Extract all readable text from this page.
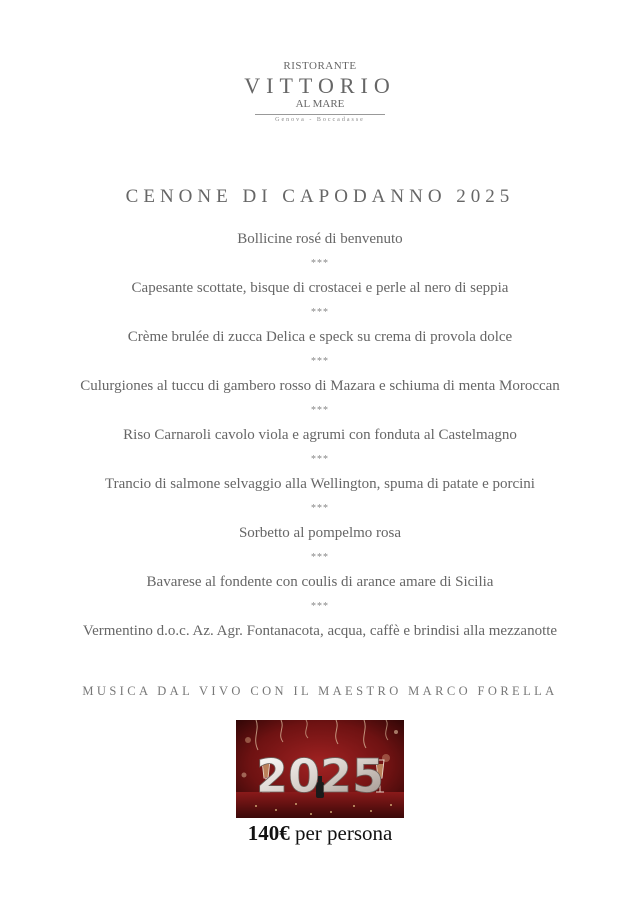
RISTORANTE
VITTORIO
AL MARE
Genova - Boccadasse
CENONE DI CAPODANNO 2025
Bollicine rosé di benvenuto
***
Capesante scottate, bisque di crostacei e perle al nero di seppia
***
Crème brulée di zucca Delica e speck su crema di provola dolce
***
Culurgiones al tuccu di gambero rosso di Mazara e schiuma di menta Moroccan
***
Riso Carnaroli cavolo viola e agrumi con fonduta al Castelmagno
***
Trancio di salmone selvaggio alla Wellington, spuma di patate e porcini
***
Sorbetto al pompelmo rosa
***
Bavarese al fondente con coulis di arance amare di Sicilia
***
Vermentino d.o.c. Az. Agr. Fontanacota, acqua, caffè e brindisi alla mezzanotte
MUSICA DAL VIVO CON IL MAESTRO MARCO FORELLA
2025
140€ per persona
